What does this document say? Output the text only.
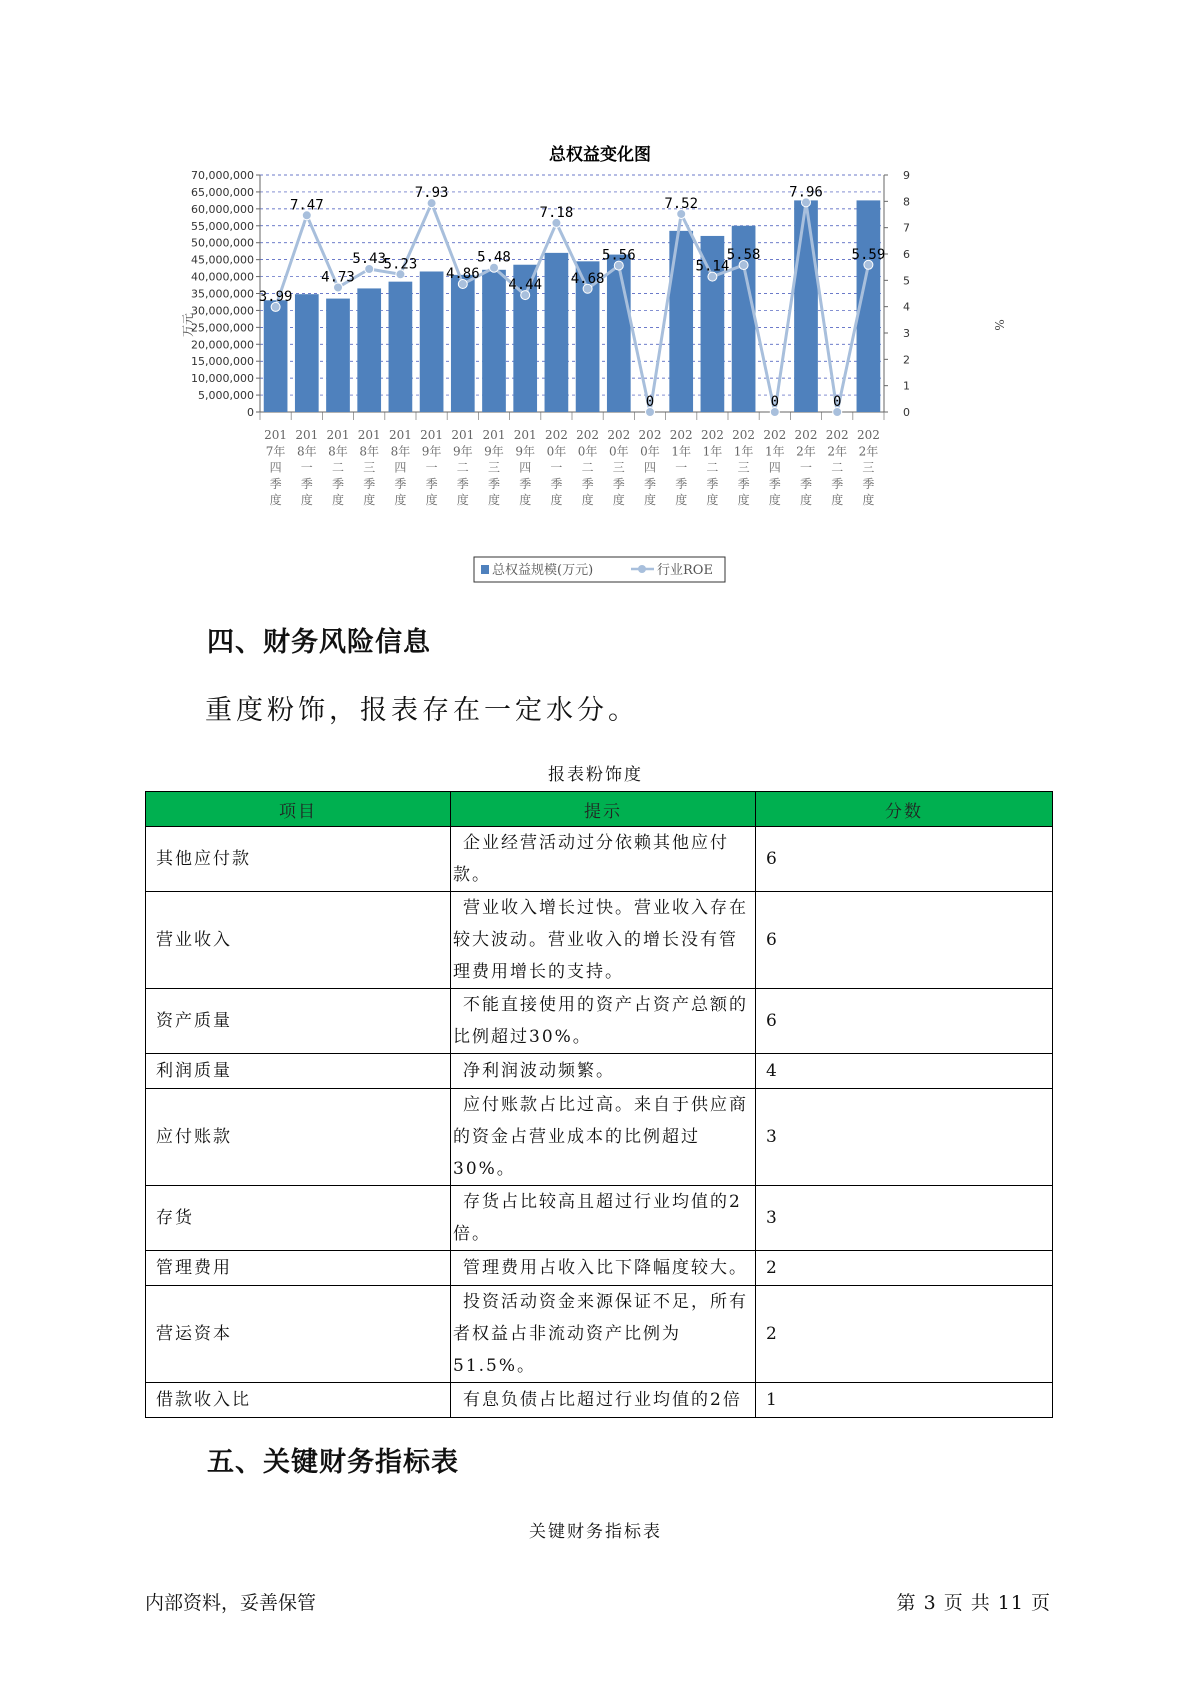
总权益变化图
0
5,000,000
10,000,000
15,000,000
20,000,000
25,000,000
30,000,000
35,000,000
40,000,000
45,000,000
50,000,000
55,000,000
60,000,000
65,000,000
70,000,000
0
1
2
3
4
5
6
7
8
9
3.99
7.47
4.73
5.43
5.23
7.93
4.86
5.48
4.44
7.18
4.68
5.56
0
7.52
5.14
5.58
0
7.96
0
5.59
201
7年
四
季
度
201
8年
一
季
度
201
8年
二
季
度
201
8年
三
季
度
201
8年
四
季
度
201
9年
一
季
度
201
9年
二
季
度
201
9年
三
季
度
201
9年
四
季
度
202
0年
一
季
度
202
0年
二
季
度
202
0年
三
季
度
202
0年
四
季
度
202
1年
一
季
度
202
1年
二
季
度
202
1年
三
季
度
202
1年
四
季
度
202
2年
一
季
度
202
2年
二
季
度
202
2年
三
季
度
万元	%
总权益规模(万元)	行业ROE
四、财务风险信息

重度粉饰，报表存在一定水分。

报表粉饰度

项目	提示	分数
其他应付款	企业经营活动过分依赖其他应付款。	6
营业收入	营业收入增长过快。营业收入存在较大波动。营业收入的增长没有管理费用增长的支持。	6
资产质量	不能直接使用的资产占资产总额的比例超过30%。	6
利润质量	净利润波动频繁。	4
应付账款	应付账款占比过高。来自于供应商的资金占营业成本的比例超过30%。	3
存货	存货占比较高且超过行业均值的2倍。	3
管理费用	管理费用占收入比下降幅度较大。	2
营运资本	投资活动资金来源保证不足，所有者权益占非流动资产比例为51.5%。	2
借款收入比	有息负债占比超过行业均值的2倍	1
五、关键财务指标表

关键财务指标表

内部资料，妥善保管	第 3 页 共 11 页
